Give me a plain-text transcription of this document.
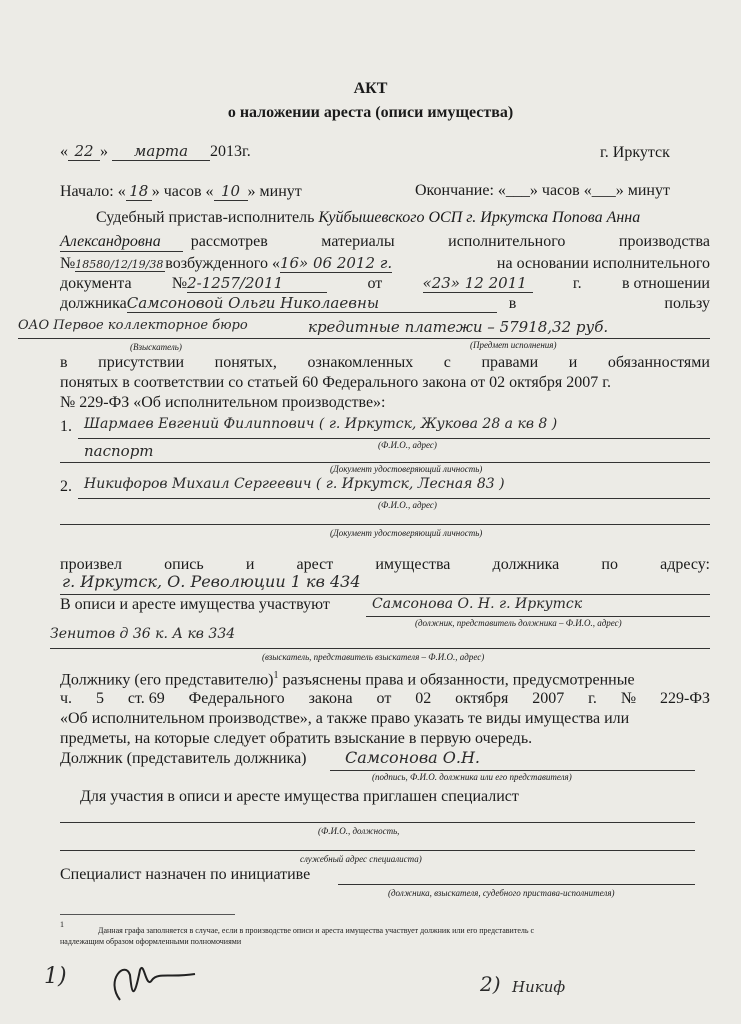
АКТ
о наложении ареста (описи имущества)
« 22 » марта 2013г.	г. Иркутск
Начало: « 18 » часов « 10 » минут	Окончание: «___» часов «___» минут
Судебный пристав-исполнитель Куйбышевского ОСП г. Иркутска Попова Анна
Александровна	рассмотрев	материалы	исполнительного	производства
№ 18580/12/19/38 возбужденного « 16» 06 2012 г.	на основании исполнительного
документа	№2-1257/2011	от	«23» 12 2011	г.	в отношении
должника Самсоновой Ольги Николаевны	в	пользу
ОАО Первое коллекторное бюро	кредитные платежи – 57918,32 руб.
(Взыскатель)	(Предмет исполнения)
в присутствии понятых, ознакомленных с правами и обязанностями
понятых в соответствии со статьей 60 Федерального закона от 02 октября 2007 г.
№ 229-ФЗ «Об исполнительном производстве»:
1. Шармаев Евгений Филиппович ( г. Иркутск, Жукова 28 а кв 8 )
(Ф.И.О., адрес)
паспорт
(Документ удостоверяющий личность)
2. Никифоров Михаил Сергеевич ( г. Иркутск, Лесная 83 )
(Ф.И.О., адрес)
(Документ удостоверяющий личность)
произвел	опись	и	арест	имущества	должника	по	адресу:
г. Иркутск, О. Революции 1 кв 434
В описи и аресте имущества участвуют	Самсонова О. Н. г. Иркутск
(должник, представитель должника – Ф.И.О., адрес)
Зенитов д 36 к. А кв 334
(взыскатель, представитель взыскателя – Ф.И.О., адрес)
Должнику (его представителю)$^1$ разъяснены права и обязанности, предусмотренные
ч. 5 ст. 69 Федерального закона от 02 октября 2007 г. № 229-ФЗ
«Об исполнительном производстве», а также право указать те виды имущества или
предметы, на которые следует обратить взыскание в первую очередь.
Должник (представитель должника) Самсонова О.Н.
(подпись, Ф.И.О. должника или его представителя)
Для участия в описи и аресте имущества приглашен специалист
(Ф.И.О., должность,
служебный адрес специалиста)
Специалист назначен по инициативе
(должника, взыскателя, судебного пристава-исполнителя)
1
Данная графа заполняется в случае, если в производстве описи и ареста имущества участвует должник или его представитель с
надлежащим образом оформленными полномочиями
1)	2) Никиф
